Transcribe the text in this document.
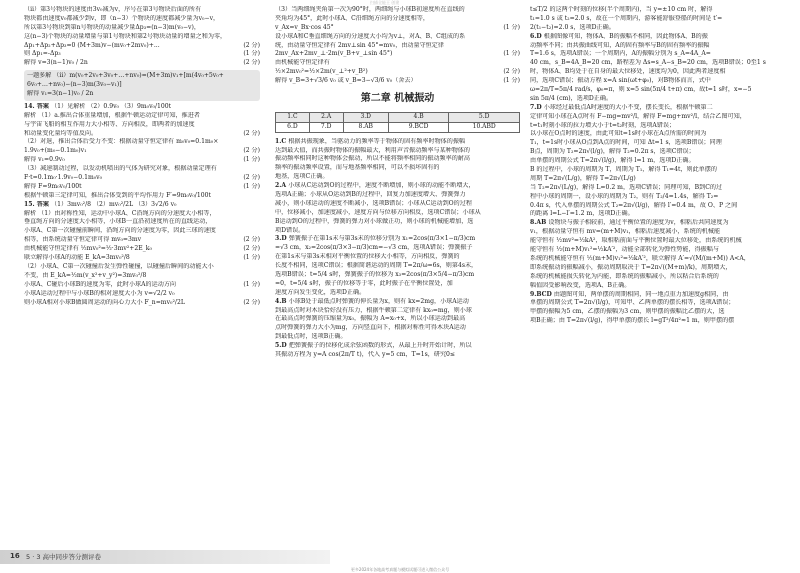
扫描全能王 创建
（ⅱ）第3号物块的速度由3v₀减为v，序号在第3号物块后面的所有
物块都由速度v₀都减少到v，即（n−3）个物块的速度都减少量为v₀−v，
所以第3号物块到第n号物块的动量减少量Δp₃=(n−3)m(v₀−v)，
这(n−3)个物块的动量增量与第1号物块和第2号物块动量的增量之和为零，
Δp₁+Δp₂+Δp₃=0 (M+3m)v−(mv₀+2mv₀)+...	(2 分)
则 Δp₁=-Δp₃	(1 分)
解得 v=3(n−1)v₀ / 2n	(2 分)
一题多解 （ⅱ）m(v₀+2v₀+3v₀+…+nv₀)=(M+3m)v₁+[m(4v₀+5v₀+
6v₀+…+nv₀)−(n−3)m(3v₀−v₁)]
解得 v₁=3(n−1)v₀ / 2n
14. 答案 （1）见解析 （2）0.9v₀ （3）9m₀v₀/100t
解析 （1）a.推出合体重量增加，根据牛顿运动定律可知，推进者
与宇宙飞船的相互作用力大小相等、方向相反，即两者的加速度
和动量变化量均等值反向。	(2 分)
（2）对退，推出合体后受力不变：根据动量守恒定律有 m₀v₀=0.1m₀×
1.9v₀+(m₀−0.1m₀)v₁	(2 分)
解得 v₁=0.9v₀	(1 分)
（3）减速制动过程，以发动机喷出的气体为研究对象，根据动量定理有
F·t=0.1m₀·1.9v₀−0.1m₀v₀	(2 分)
解得 F=9m₀v₀/100t	(1 分)
根据牛顿第三定律可知，推出合体受到的平均作用力 F′=9m₀v₀/100t
15. 答案 （1）3mv₀²/8 （2）mv₀²/2L （3）3√2/6 v₀
解析 （1）由对称性知，运动中小球A、C沿绳方向的分速度大小相等，
垂直绳方向的分速度大小相等，小球B一直沿初速度所在的直线运动，
小球A、C第一次碰撞前瞬间，沿绳方向的分速度为零，因此三球的速度
相等，由系统动量守恒定律可得 mv₀=3mv	(2 分)
由机械能守恒定律有 ½mv₀²=½·3mv²+2E_k₀	(2 分)
联立解得小球A的动能 E_kA=3mv₀²/8	(1 分)
（2）小球A、C第一次碰撞后发生弹性碰撞，以碰撞后瞬间的动能大小
不变，由 E_kA=½m(v_x²+v_y²)=3mv₀²/8
小球A、C碰后小球B的速度为零，此时小球A的运动方向	(1 分)
小球A运动过程中与小球B的相对速度大小为 v=√2/2 v₀
则小球A相对小球B做圆周运动的向心力大小 F_n=mv₀²/2L	(2 分)
（3）当两细绳夹角第一次为90°时，两细绳与小球B初速度所在直线的
夹角均为45°，此时小球A、C沿细绳方向的分速度相等，
v_Ax=v_Bx·cos 45°	(1 分)
设小球A和C垂直细绳方向的分速度大小均为v⊥，对A、B、C组成的系
统，由动量守恒定律有 2mv⊥sin 45°=mv₀，由动量守恒定律
2mv_Ax+2mv_⊥·2m(v_B+v_⊥sin 45°)	(1 分)
由机械能守恒定律有
½×2mv₀²=½×2m(v_⊥²+v_B²)	(2 分)
解得 v_B=3+√3/6 v₀ 或 v_B=3−√3/6 v₀（舍去）	(1 分)
第二章 机械振动
1.C	2.A	3.D	4.B	5.D
6.D	7.D	8.AB	9.BCD	10.ABD
1.C 根据共振现象，当驱动力的频率等于物体的固有频率时物体的振幅
达到最大值，而共振时物体的振幅最大，利用声音振动频率与某种物体的
振动频率相同时这种物体会振动，所以不能将频率相同的振动频率的耐高
频率的振动频率设置，而与地基频率相同，可以不损坏固有的
地基，选项C正确。
2.A 小球从C运动到O的过程中，速度不断增加，则小球的动能不断增大，
选项A正确；小球从O运动到B的过程中，回复力加速度增大、弹簧弹力
减小，则小球运动的速度不断减小，选项B错误；小球从C运动到O的过程
中，位移减小，加速度减小，速度方向与位移方向相反，选项C错误；小球从
B运动到O的过程中，弹簧的弹力对小球做正功，则小球的机械能增加，选
项D错误。
3.D 弹簧振子在第1s末与第3s末的位移分别为 x₁=2cos(π/3×1−π/3)cm
=√3 cm，x₂=2cos(π/3×3−π/3)cm=−√3 cm，选项A错误；弹簧振子
在第1s末与第3s末相对平衡位置的位移大小相等，方向相反，弹簧的
长度不相同，选项C错误；根据简谐运动的周期 T=2π/ω=6s，则第4s末，
选项B错误；t=5/4 s时，弹簧振子的位移为 x₃=2cos(π/3×5/4−π/3)cm
=0，t=5/4 s时，振子的位移等于零，此时振子在平衡位置处，加
速度方向发生变化，选项D正确。
4.B 小球B处于最低点时弹簧的伸长量为x，则有 kx=2mg，小球A运动
到最高点时对木块恰好没有压力，根据牛顿第二定律有 kx₀=mg，则小球
在最高点时弹簧的压缩量为x₀，振幅为 A=x₀+x，所以小球运动到最高
点时弹簧的弹力大小为mg，方向竖直向下，根据对称性可得木块A运动
到最低点时，选项B正确。
5.D 把弹簧振子的位移化成余弦函数的形式，从最上升时开始计时，所以
其振动方程为 y=A cos(2π/T t)，代入 y=5 cm，T=1s，研究0≤
t≤T/2 的这两个时刻的位移(半个周期内)，当 y=±10 cm 时，解得
t₁=1.0 s 或 t₂=2.0 s，故在一个周期内，游客能舒服登船的时间是 t′=
2(t₁−t₂)=2.0 s，选项D正确。
6.D 根据图像可知，物体A、B的振幅不相同，因此物体A、B的振
动频率不同；由共振曲线可知，A的固有频率与B的固有频率的振幅
T=1.6 s，选项A错误；一个周期内，A的振幅分别为 s_A=4A_A=
40 cm，s_B=4A_B=20 cm，路程差为 Δs=s_A−s_B=20 cm，选项B错误；0至1 s
时，物体A、B均处于在自身的最大位移处，速度均为0，因此两者速度相
同，选项C错误；振动方程 x=A sin(ωt+φ₀)，对B物体而言，式中
ω=2π/T=5π/4 rad/s，φ₀=π，则 x=5 sin(5π/4 t+π) cm，故t=1 s时，x=−5
sin 5π/4 (cm)，选项D正确。
7.D 小球经过最低点A时速度的大小不变，摆长变长，根据牛顿第二
定律可知小球在A点时有 F−mg=mv²/l，解得 F=mg+mv²/l，结合乙图可知，
t=t₁时刻小球的拉力增大小于t=t₂时刻，选项A错误；
以小球在O点时的速度，由此可知t=1s时小球在A点所需的时间为
T₁，t=1s时小球从O点到A点的时间，可知 Δt=1 s，选项B错误；同理
B点，周期为 T₂=2π√(l/g)，解得 T₂=0.2π s，选项C错误；
由单摆的周期公式 T=2π√(l/g)，解得 l=1 m，选项D正确。
B 的过程中，小球的周期为 T，周期为 T₁，解得 T₁=4t，则此单摆的
周期 T=2π√(L/g)，解得 T=2π√(L/g)
当 T₂=2π√(L/g)，解得 L=0.2 m，选项C错误；同理可知，B到C的过
程中小球的周期一，设小球的周期为 T₂，则有 T₂/4=1.4s，解得 T₂=
0.4π s，代入单摆的周期公式 T₂=2π√(l/g)，解得 l′=0.4 m，故 O、P 之间
的距离 l=L−l′=1.2 m，选项D正确。
8.AB 设物块与振子相较前，通过平衡位置的速度为v，相粘后共同速度为
v₁，根据动量守恒有 mv=(m+M)v₁，相粘后速度减小，系统的机械能
能守恒有 ½mv²=½kA²，取相粘前面与平衡位置时最大位移处，由系统的机械
能守恒有 ½(m+M)v₁²=½kA′²，动能全部转化为弹性势能，得振幅与
系统的机械能守恒有 ½(m+M)v₁²=½kA′²，联立解得 A′=√(M/(m+M)) A<A，
即系统振动的振幅减小，振动周期取决于 T=2π√((M+m)/k)，周期增大，
系统的机械能损失转化为内能，即系统的振幅减小，所以粘合后系统的
幅值因受影响改变，选项A、B正确。
9.BCD 由题图可知，两单摆的周期相同，同一地点重力加速度g相同，由
单摆的周期公式 T=2π√(l/g)，可知甲、乙两单摆的摆长相等，选项A错误；
甲摆的振幅为5 cm，乙摆的振幅为3 cm，则甲摆的振幅比乙摆的大，选
项B正确；由 T=2π√(l/g)，得甲单摆的摆长 l=gT²/4π²≈1 m，则甲摆的摆
16 5 · 3 高中同步答分测评卷
更多2024年各地高考真题与模拟试题可进入微信公众号
